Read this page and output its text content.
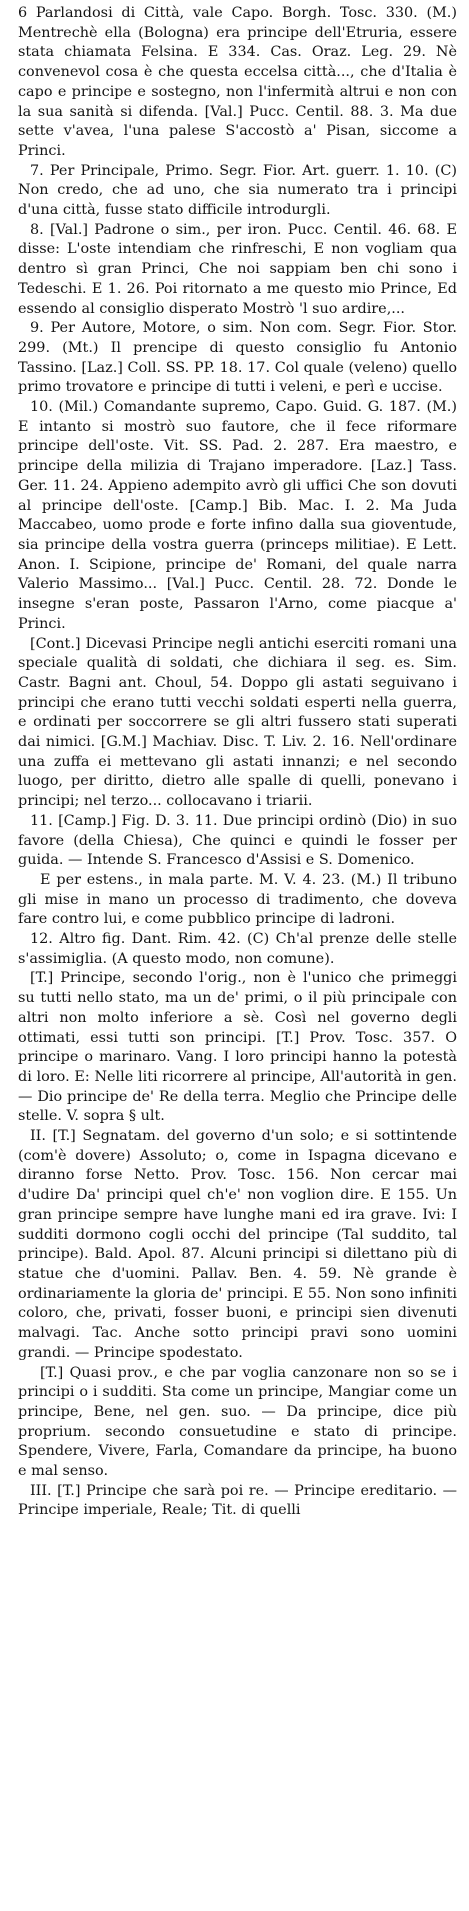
6 Parlandosi di Città, vale Capo. Borgh. Tosc. 330. (M.) Mentrechè ella (Bologna) era principe dell'Etruria, essere stata chiamata Felsina. E 334. Cas. Oraz. Leg. 29. Nè convenevol cosa è che questa eccelsa città..., che d'Italia è capo e principe e sostegno, non l'infermità altrui e non con la sua sanità si difenda. [Val.] Pucc. Centil. 88. 3. Ma due sette v'avea, l'una palese S'accostò a' Pisan, siccome a Princi.

7. Per Principale, Primo. Segr. Fior. Art. guerr. 1. 10. (C) Non credo, che ad uno, che sia numerato tra i principi d'una città, fusse stato difficile introdurgli.

8. [Val.] Padrone o sim., per iron. Pucc. Centil. 46. 68. E disse: L'oste intendiam che rinfreschi, E non vogliam qua dentro sì gran Princi, Che noi sappiam ben chi sono i Tedeschi. E 1. 26. Poi ritornato a me questo mio Prince, Ed essendo al consiglio disperato Mostrò 'l suo ardire,...

9. Per Autore, Motore, o sim. Non com. Segr. Fior. Stor. 299. (Mt.) Il prencipe di questo consiglio fu Antonio Tassino. [Laz.] Coll. SS. PP. 18. 17. Col quale (veleno) quello primo trovatore e principe di tutti i veleni, e perì e uccise.

10. (Mil.) Comandante supremo, Capo. Guid. G. 187. (M.) E intanto si mostrò suo fautore, che il fece riformare principe dell'oste. Vit. SS. Pad. 2. 287. Era maestro, e principe della milizia di Trajano imperadore. [Laz.] Tass. Ger. 11. 24. Appieno adempito avrò gli uffici Che son dovuti al principe dell'oste. [Camp.] Bib. Mac. I. 2. Ma Juda Maccabeo, uomo prode e forte infino dalla sua gioventude, sia principe della vostra guerra (princeps militiae). E Lett. Anon. I. Scipione, principe de' Romani, del quale narra Valerio Massimo... [Val.] Pucc. Centil. 28. 72. Donde le insegne s'eran poste, Passaron l'Arno, come piacque a' Princi.

[Cont.] Dicevasi Principe negli antichi eserciti romani una speciale qualità di soldati, che dichiara il seg. es. Sim. Castr. Bagni ant. Choul, 54. Doppo gli astati seguivano i principi che erano tutti vecchi soldati esperti nella guerra, e ordinati per soccorrere se gli altri fussero stati superati dai nimici. [G.M.] Machiav. Disc. T. Liv. 2. 16. Nell'ordinare una zuffa ei mettevano gli astati innanzi; e nel secondo luogo, per diritto, dietro alle spalle di quelli, ponevano i principi; nel terzo... collocavano i triarii.

11. [Camp.] Fig. D. 3. 11. Due principi ordinò (Dio) in suo favore (della Chiesa), Che quinci e quindi le fosser per guida. — Intende S. Francesco d'Assisi e S. Domenico.

E per estens., in mala parte. M. V. 4. 23. (M.) Il tribuno gli mise in mano un processo di tradimento, che doveva fare contro lui, e come pubblico principe di ladroni.

12. Altro fig. Dant. Rim. 42. (C) Ch'al prenze delle stelle s'assimiglia. (A questo modo, non comune).

[T.] Principe, secondo l'orig., non è l'unico che primeggi su tutti nello stato, ma un de' primi, o il più principale con altri non molto inferiore a sè. Così nel governo degli ottimati, essi tutti son principi. [T.] Prov. Tosc. 357. O principe o marinaro. Vang. I loro principi hanno la potestà di loro. E: Nelle liti ricorrere al principe, All'autorità in gen. — Dio principe de' Re della terra. Meglio che Principe delle stelle. V. sopra § ult.

II. [T.] Segnatam. del governo d'un solo; e si sottintende (com'è dovere) Assoluto; o, come in Ispagna dicevano e diranno forse Netto. Prov. Tosc. 156. Non cercar mai d'udire Da' principi quel ch'e' non voglion dire. E 155. Un gran principe sempre have lunghe mani ed ira grave. Ivi: I sudditi dormono cogli occhi del principe (Tal suddito, tal principe). Bald. Apol. 87. Alcuni principi si dilettano più di statue che d'uomini. Pallav. Ben. 4. 59. Nè grande è ordinariamente la gloria de' principi. E 55. Non sono infiniti coloro, che, privati, fosser buoni, e principi sien divenuti malvagi. Tac. Anche sotto principi pravi sono uomini grandi. — Principe spodestato.

[T.] Quasi prov., e che par voglia canzonare non so se i principi o i sudditi. Sta come un principe, Mangiar come un principe, Bene, nel gen. suo. — Da principe, dice più proprium. secondo consuetudine e stato di principe. Spendere, Vivere, Farla, Comandare da principe, ha buono e mal senso.

III. [T.] Principe che sarà poi re. — Principe ereditario. — Principe imperiale, Reale; Tit. di quelli
